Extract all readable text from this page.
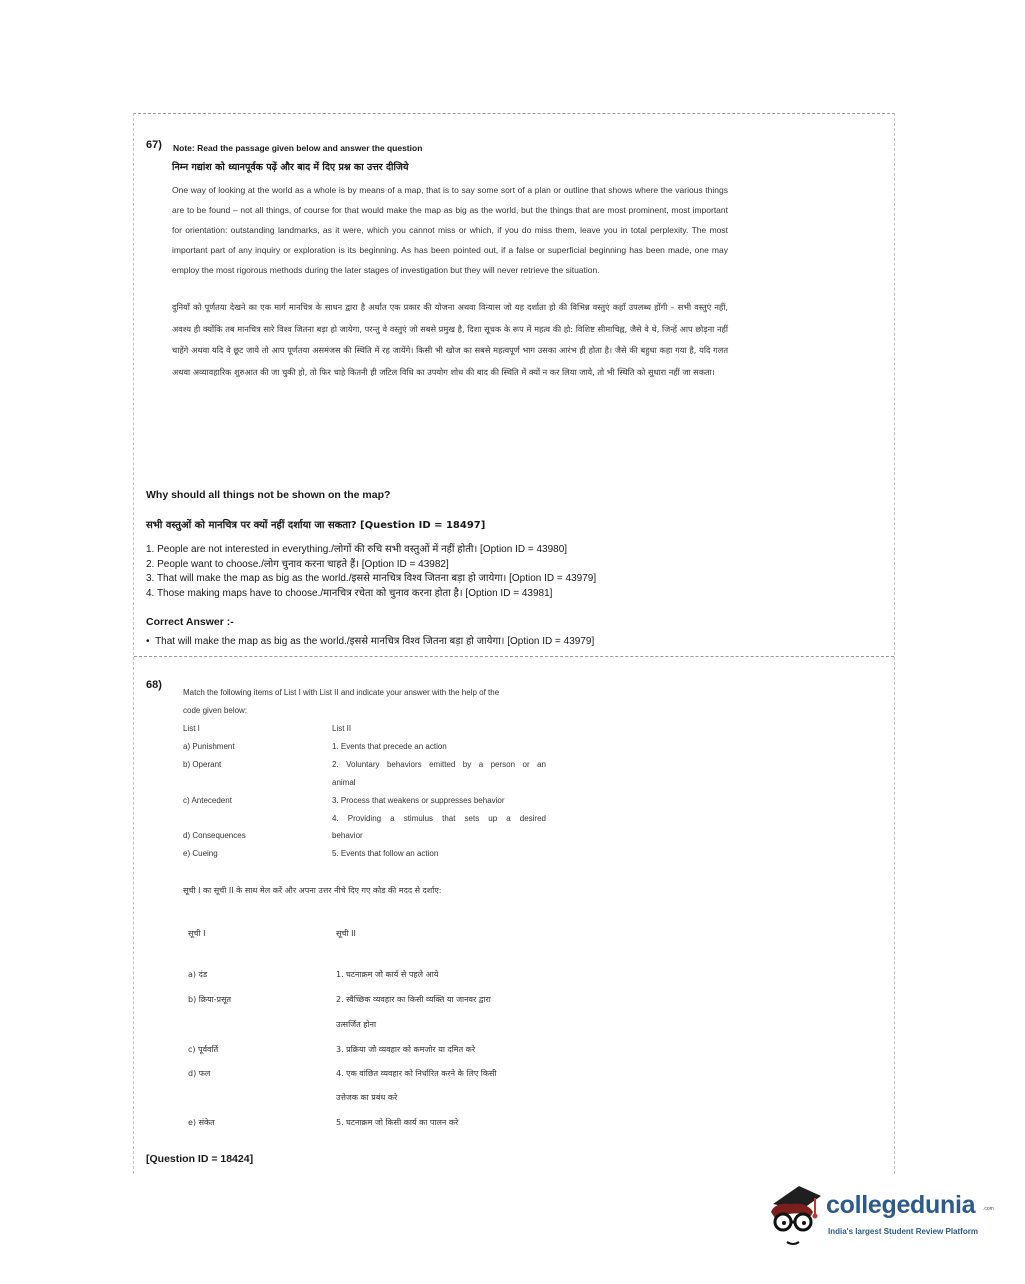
67) Note: Read the passage given below and answer the question
निम्न गद्यांश को ध्यानपूर्वक पढ़ें और बाद में दिए प्रश्न का उत्तर दीजिये
One way of looking at the world as a whole is by means of a map, that is to say some sort of a plan or outline that shows where the various things are to be found – not all things, of course for that would make the map as big as the world, but the things that are most prominent, most important for orientation: outstanding landmarks, as it were, which you cannot miss or which, if you do miss them, leave you in total perplexity. The most important part of any inquiry or exploration is its beginning. As has been pointed out, if a false or superficial beginning has been made, one may employ the most rigorous methods during the later stages of investigation but they will never retrieve the situation.
दुनियाँ को पूर्णतया देखने का एक मार्ग मानचित्र के साधन द्वारा है अर्थात एक प्रकार की योजना अथवा विन्यास जो यह दर्शाता हो की विभिन्न वस्तुएं कहाँ उपलब्ध होंगी – सभी वस्तुएं नहीं, अवश्य ही क्योंकि तब मानचित्र सारे विश्व जितना बड़ा हो जायेगा, परन्तु वे वस्तुएं जो सबसे प्रमुख है, दिशा सूचक के रूप में महत्व की हो: विशिष्ट सीमाचिह्न, जैसे वे थे, जिन्हें आप छोड़ना नहीं चाहेंगे अथवा यदि वे छूट जाये तो आप पूर्णतया असमंजस की स्थिति में रह जायेंगे। किसी भी खोज का सबसे महत्वपूर्ण भाग उसका आरंभ ही होता है। जैसे की बहुधा कहा गया है, यदि गलत अथवा अव्यावहारिक शुरुआत की जा चुकी हो, तो फिर चाहे कितनी ही जटिल विधि का उपयोग शोध की बाद की स्थिति में क्यों न कर लिया जाये, तो भी स्थिति को सुधारा नहीं जा सकता।
Why should all things not be shown on the map?
सभी वस्तुओं को मानचित्र पर क्यों नहीं दर्शाया जा सकता? [Question ID = 18497]
1. People are not interested in everything./लोगों की रुचि सभी वस्तुओं में नहीं होती। [Option ID = 43980]
2. People want to choose./लोग चुनाव करना चाहते हैं। [Option ID = 43982]
3. That will make the map as big as the world./इससे मानचित्र विश्व जितना बड़ा हो जायेगा। [Option ID = 43979]
4. Those making maps have to choose./मानचित्र रचेता को चुनाव करना होता है। [Option ID = 43981]
Correct Answer :-
•  That will make the map as big as the world./इससे मानचित्र विश्व जितना बड़ा हो जायेगा। [Option ID = 43979]
68)
Match the following items of List I with List II and indicate your answer with the help of the
code given below:
List I	List II
a) Punishment
b) Operant
c) Antecedent
d) Consequences
e) Cueing
1. Events that precede an action
2. Voluntary behaviors emitted by a person or an
animal
3. Process that weakens or suppresses behavior
4. Providing a stimulus that sets up a desired
behavior
5. Events that follow an action
सूची I का सूची II के साथ मेल करें और अपना उत्तर नीचे दिए गए कोड की मदद से दर्शाए:
सूची I	सूची II
a) दंड
b) क्रिया-प्रसूत
c) पूर्ववर्ति
d) फल
e) संकेत
1. घटनाक्रम जो कार्य से पहले आये
2. स्वैच्छिक व्यवहार का किसी व्यक्ति या जानवर द्वारा
उत्सर्जित होना
3. प्रक्रिया जो व्यवहार को कमजोर या दमित करे
4. एक वांछित व्यवहार को निर्धारित करने के लिए किसी
उत्तेजक का प्रबंध करे
5. घटनाक्रम जो किसी कार्य का पालन करे
[Question ID = 18424]
collegedunia .com
India's largest Student Review Platform
